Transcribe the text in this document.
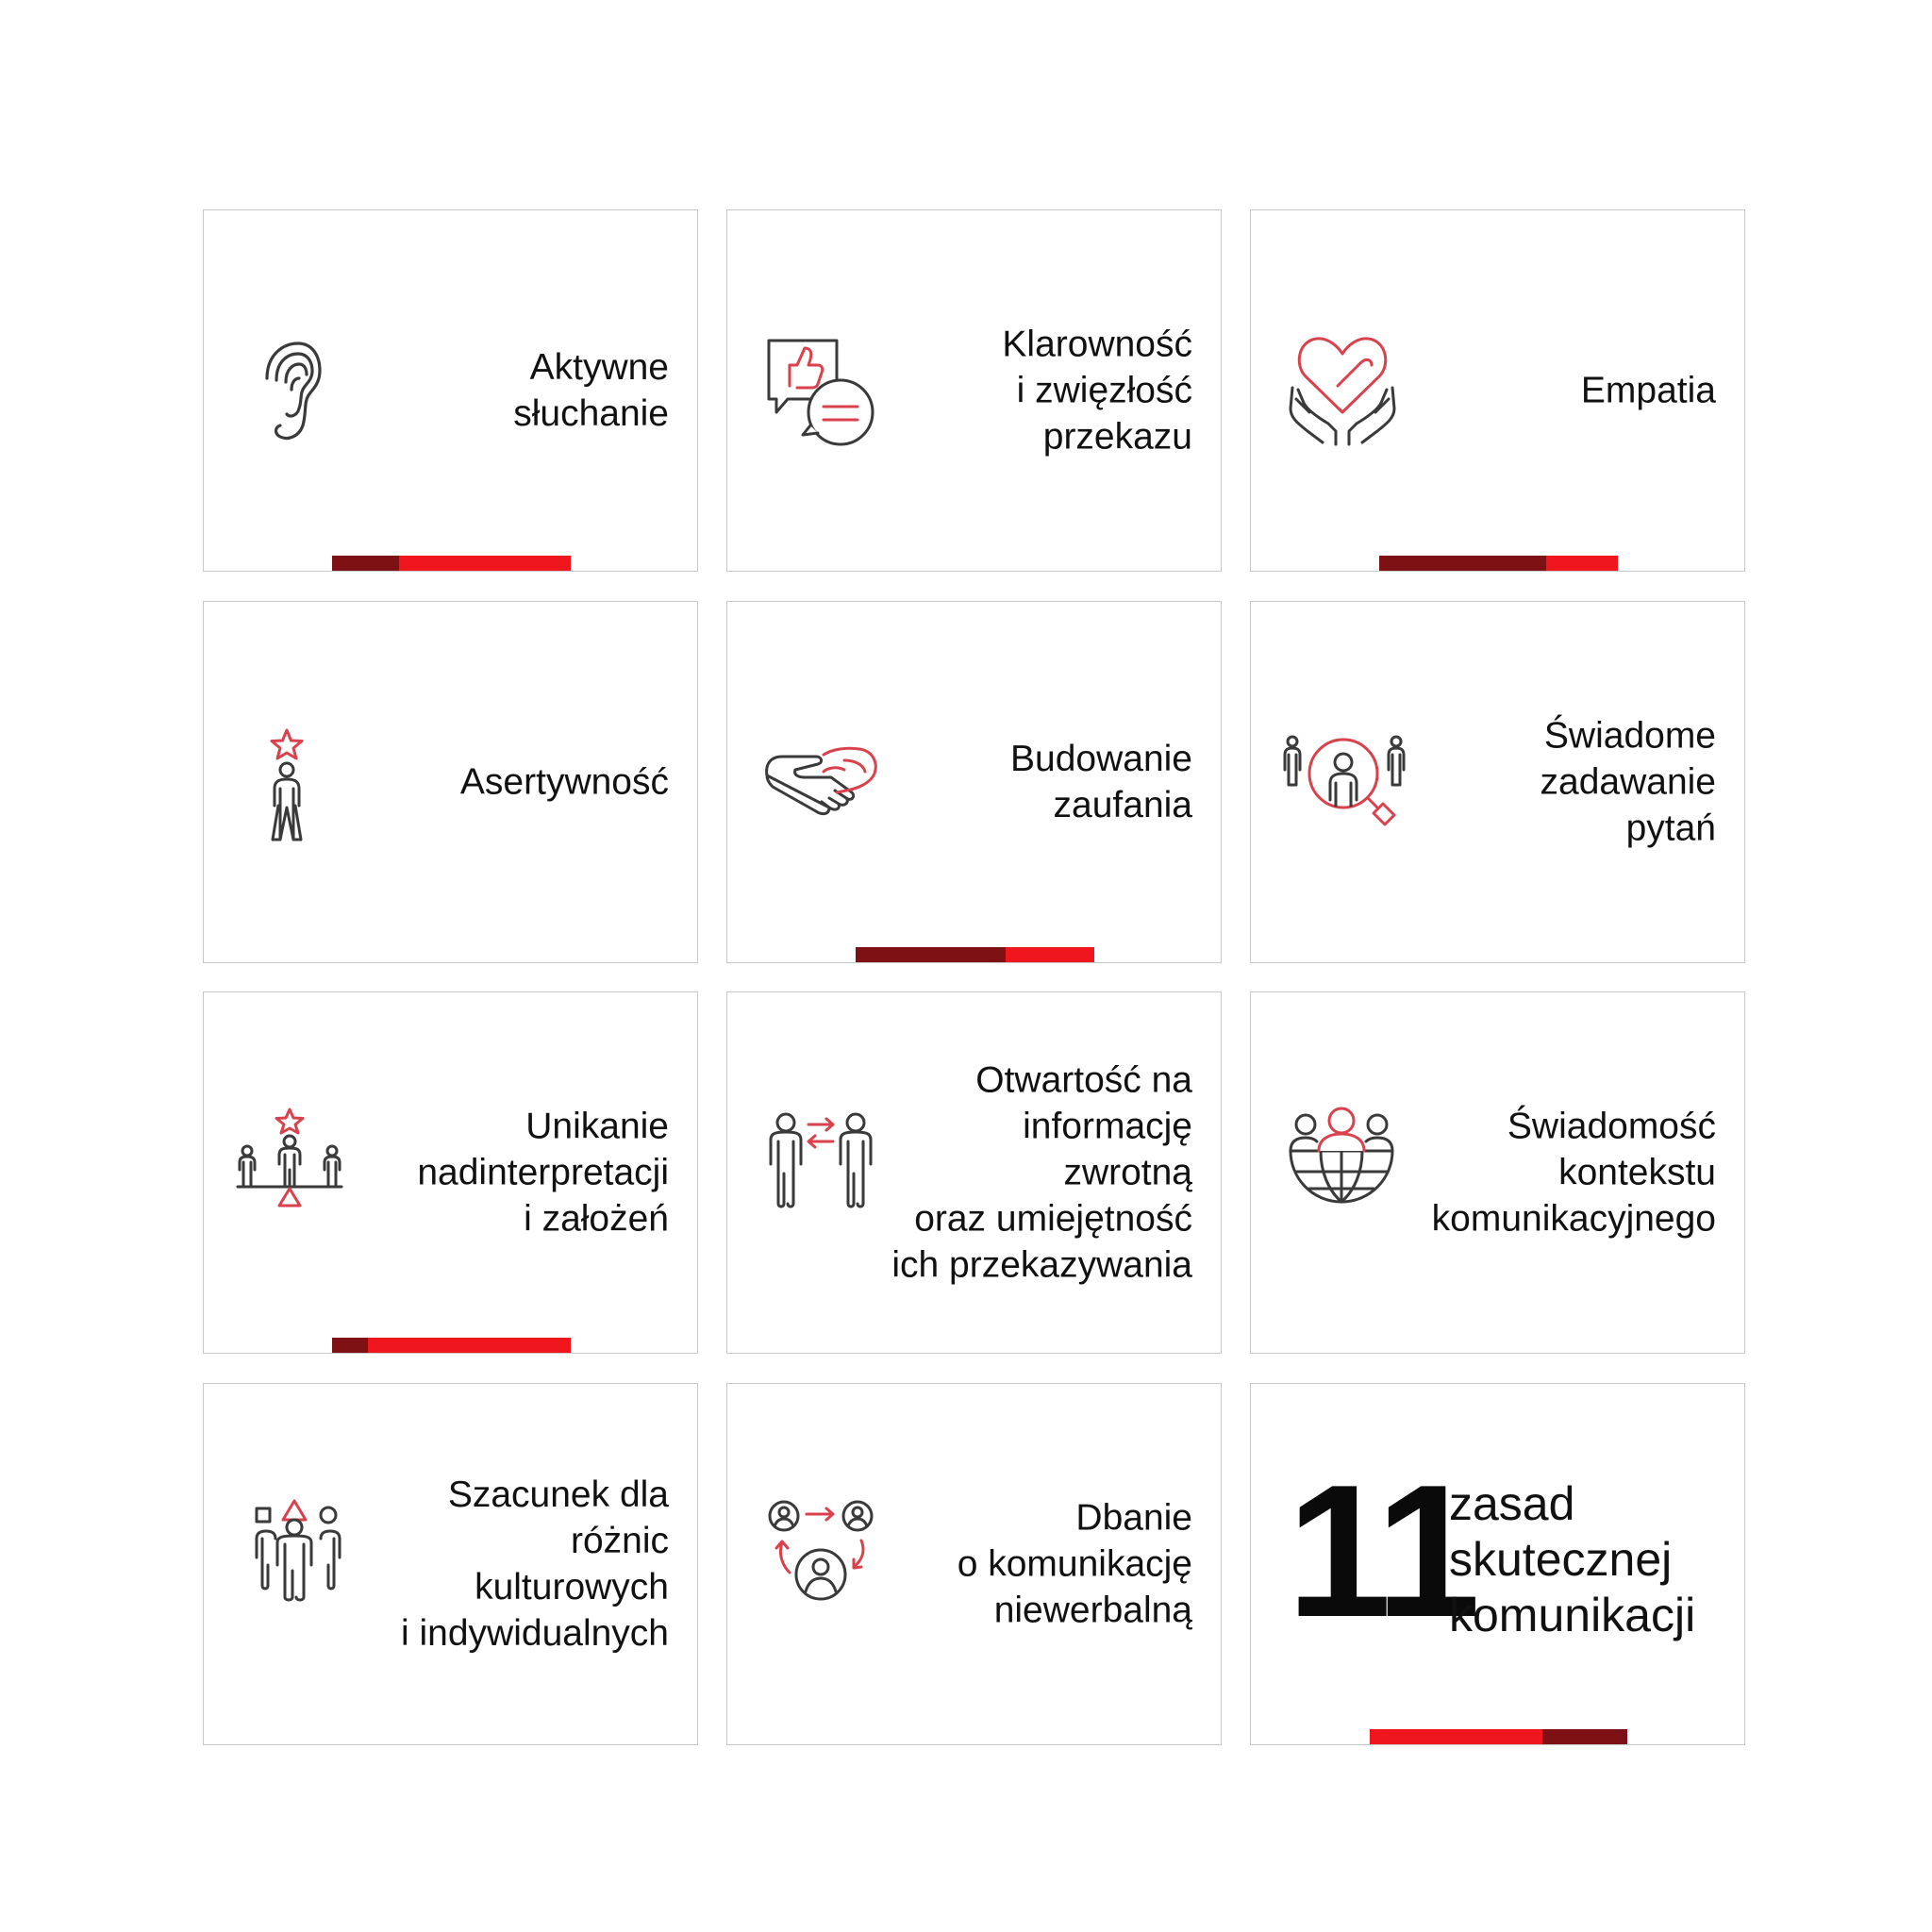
Aktywne
słuchanie
Klarowność
i zwięzłość
przekazu
Empatia
Asertywność
Budowanie
zaufania
Świadome
zadawanie
pytań
Unikanie
nadinterpretacji
i założeń
Otwartość na
informację
zwrotną
oraz umiejętność
ich przekazywania
Świadomość
kontekstu
komunikacyjnego
Szacunek dla
różnic
kulturowych
i indywidualnych
Dbanie
o komunikację
niewerbalną 11
zasad
skutecznej
komunikacji
